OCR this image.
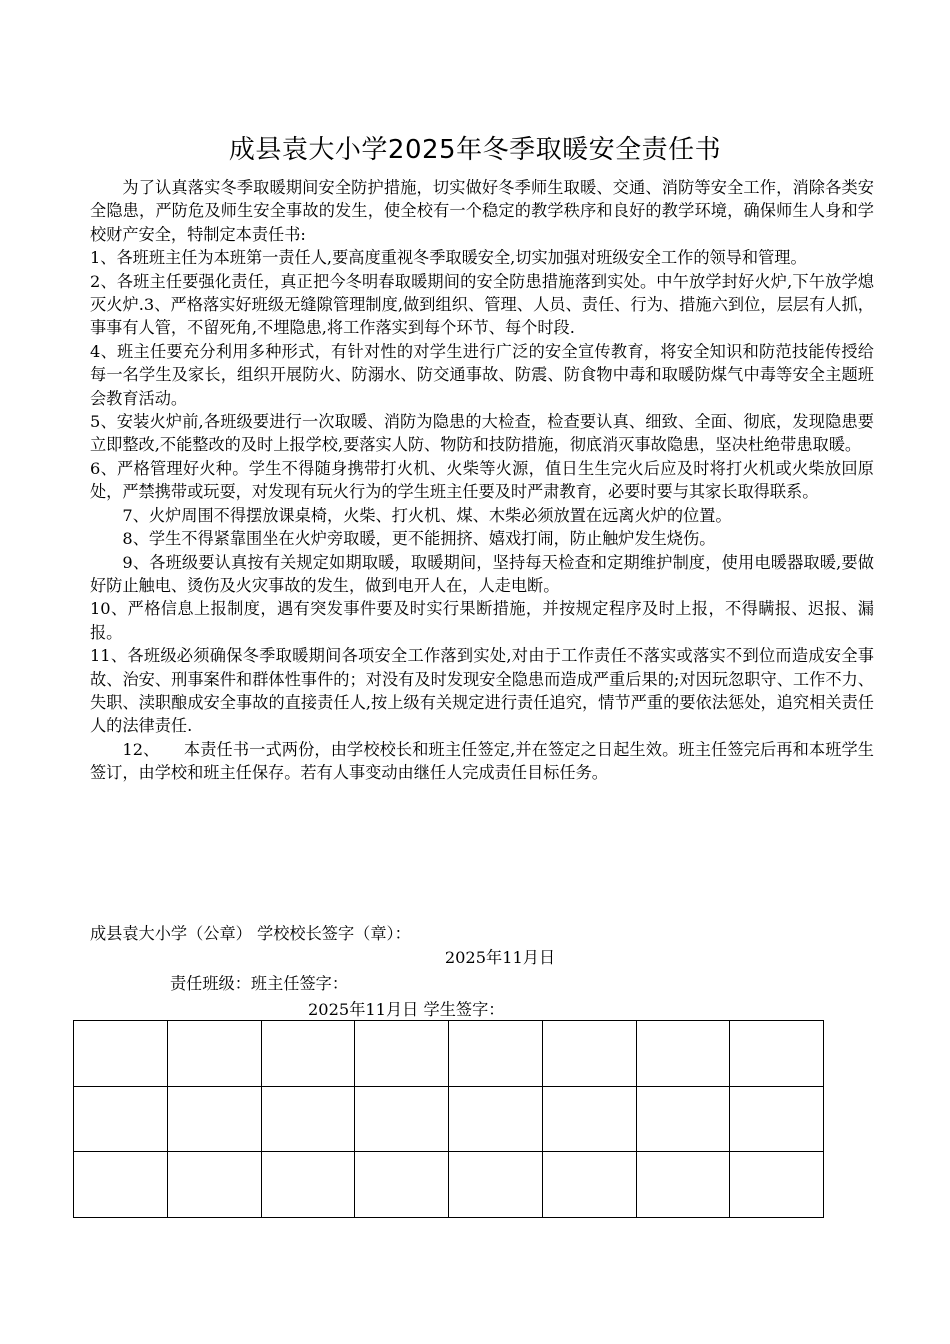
成县袁大小学2025年冬季取暖安全责任书

为了认真落实冬季取暖期间安全防护措施，切实做好冬季师生取暖、交通、消防等安全工作，消除各类安全隐患，严防危及师生安全事故的发生，使全校有一个稳定的教学秩序和良好的教学环境，确保师生人身和学校财产安全，特制定本责任书:

1、各班班主任为本班第一责任人,要高度重视冬季取暖安全,切实加强对班级安全工作的领导和管理。

2、各班主任要强化责任，真正把今冬明春取暖期间的安全防患措施落到实处。中午放学封好火炉,下午放学熄灭火炉.3、严格落实好班级无缝隙管理制度,做到组织、管理、人员、责任、行为、措施六到位，层层有人抓，事事有人管，不留死角,不埋隐患,将工作落实到每个环节、每个时段.

4、班主任要充分利用多种形式，有针对性的对学生进行广泛的安全宣传教育，将安全知识和防范技能传授给每一名学生及家长，组织开展防火、防溺水、防交通事故、防震、防食物中毒和取暖防煤气中毒等安全主题班会教育活动。

5、安装火炉前,各班级要进行一次取暖、消防为隐患的大检查，检查要认真、细致、全面、彻底，发现隐患要立即整改,不能整改的及时上报学校,要落实人防、物防和技防措施，彻底消灭事故隐患，坚决杜绝带患取暖。

6、严格管理好火种。学生不得随身携带打火机、火柴等火源，值日生生完火后应及时将打火机或火柴放回原处，严禁携带或玩耍，对发现有玩火行为的学生班主任要及时严肃教育，必要时要与其家长取得联系。

7、火炉周围不得摆放课桌椅，火柴、打火机、煤、木柴必须放置在远离火炉的位置。

8、学生不得紧靠围坐在火炉旁取暖，更不能拥挤、嬉戏打闹，防止触炉发生烧伤。

9、各班级要认真按有关规定如期取暖，取暖期间，坚持每天检查和定期维护制度，使用电暖器取暖,要做好防止触电、烫伤及火灾事故的发生，做到电开人在，人走电断。

10、严格信息上报制度，遇有突发事件要及时实行果断措施，并按规定程序及时上报，不得瞒报、迟报、漏报。

11、各班级必须确保冬季取暖期间各项安全工作落到实处,对由于工作责任不落实或落实不到位而造成安全事故、治安、刑事案件和群体性事件的；对没有及时发现安全隐患而造成严重后果的;对因玩忽职守、工作不力、失职、渎职酿成安全事故的直接责任人,按上级有关规定进行责任追究，情节严重的要依法惩处，追究相关责任人的法律责任.

12、　　本责任书一式两份，由学校校长和班主任签定,并在签定之日起生效。班主任签完后再和本班学生签订，由学校和班主任保存。若有人事变动由继任人完成责任目标任务。

成县袁大小学（公章） 学校校长签字（章）：
2025年11月日
责任班级：班主任签字：
2025年11月日 学生签字：
